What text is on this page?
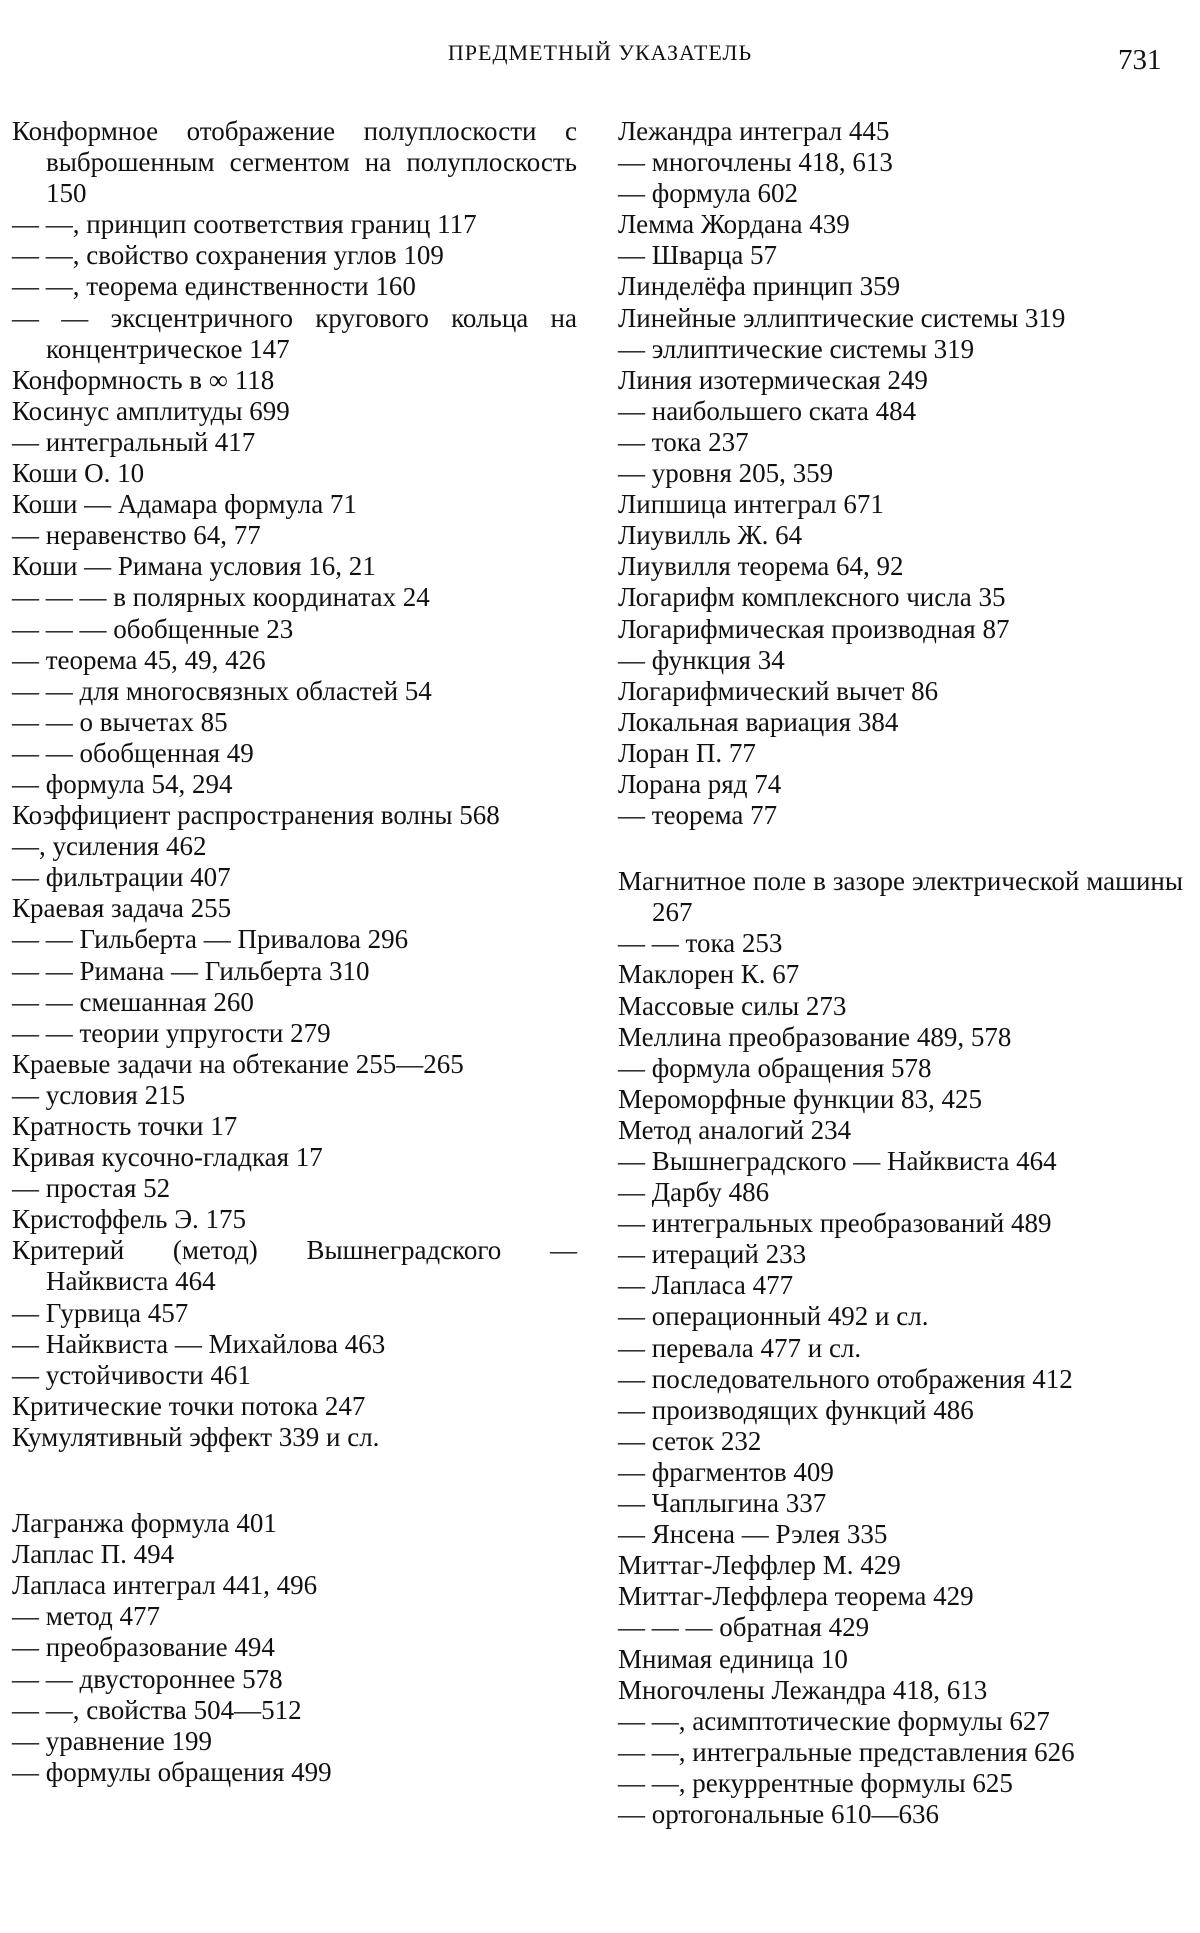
ПРЕДМЕТНЫЙ УКАЗАТЕЛЬ	731
Конформное отображение полуплоскости с выброшенным сегментом на полуплоскость 150
— —, принцип соответствия границ 117
— —, свойство сохранения углов 109
— —, теорема единственности 160
— — эксцентричного кругового кольца на концентрическое 147
Конформность в ∞ 118
Косинус амплитуды 699
— интегральный 417
Коши О. 10
Коши — Адамара формула 71
— неравенство 64, 77
Коши — Римана условия 16, 21
— — — в полярных координатах 24
— — — обобщенные 23
— теорема 45, 49, 426
— — для многосвязных областей 54
— — о вычетах 85
— — обобщенная 49
— формула 54, 294
Коэффициент распространения волны 568
—, усиления 462
— фильтрации 407
Краевая задача 255
— — Гильберта — Привалова 296
— — Римана — Гильберта 310
— — смешанная 260
— — теории упругости 279
Краевые задачи на обтекание 255—265
— условия 215
Кратность точки 17
Кривая кусочно-гладкая 17
— простая 52
Кристоффель Э. 175
Критерий (метод) Вышнеградского — Найквиста 464
— Гурвица 457
— Найквиста — Михайлова 463
— устойчивости 461
Критические точки потока 247
Кумулятивный эффект 339 и сл.
Лагранжа формула 401
Лаплас П. 494
Лапласа интеграл 441, 496
— метод 477
— преобразование 494
— — двустороннее 578
— —, свойства 504—512
— уравнение 199
— формулы обращения 499
Лежандра интеграл 445
— многочлены 418, 613
— формула 602
Лемма Жордана 439
— Шварца 57
Линделёфа принцип 359
Линейные эллиптические системы 319
— эллиптические системы 319
Линия изотермическая 249
— наибольшего ската 484
— тока 237
— уровня 205, 359
Липшица интеграл 671
Лиувилль Ж. 64
Лиувилля теорема 64, 92
Логарифм комплексного числа 35
Логарифмическая производная 87
— функция 34
Логарифмический вычет 86
Локальная вариация 384
Лоран П. 77
Лорана ряд 74
— теорема 77
Магнитное поле в зазоре электрической машины 267
— — тока 253
Маклорен К. 67
Массовые силы 273
Меллина преобразование 489, 578
— формула обращения 578
Мероморфные функции 83, 425
Метод аналогий 234
— Вышнеградского — Найквиста 464
— Дарбу 486
— интегральных преобразований 489
— итераций 233
— Лапласа 477
— операционный 492 и сл.
— перевала 477 и сл.
— последовательного отображения 412
— производящих функций 486
— сеток 232
— фрагментов 409
— Чаплыгина 337
— Янсена — Рэлея 335
Миттаг-Леффлер М. 429
Миттаг-Леффлера теорема 429
— — — обратная 429
Мнимая единица 10
Многочлены Лежандра 418, 613
— —, асимптотические формулы 627
— —, интегральные представления 626
— —, рекуррентные формулы 625
— ортогональные 610—636
